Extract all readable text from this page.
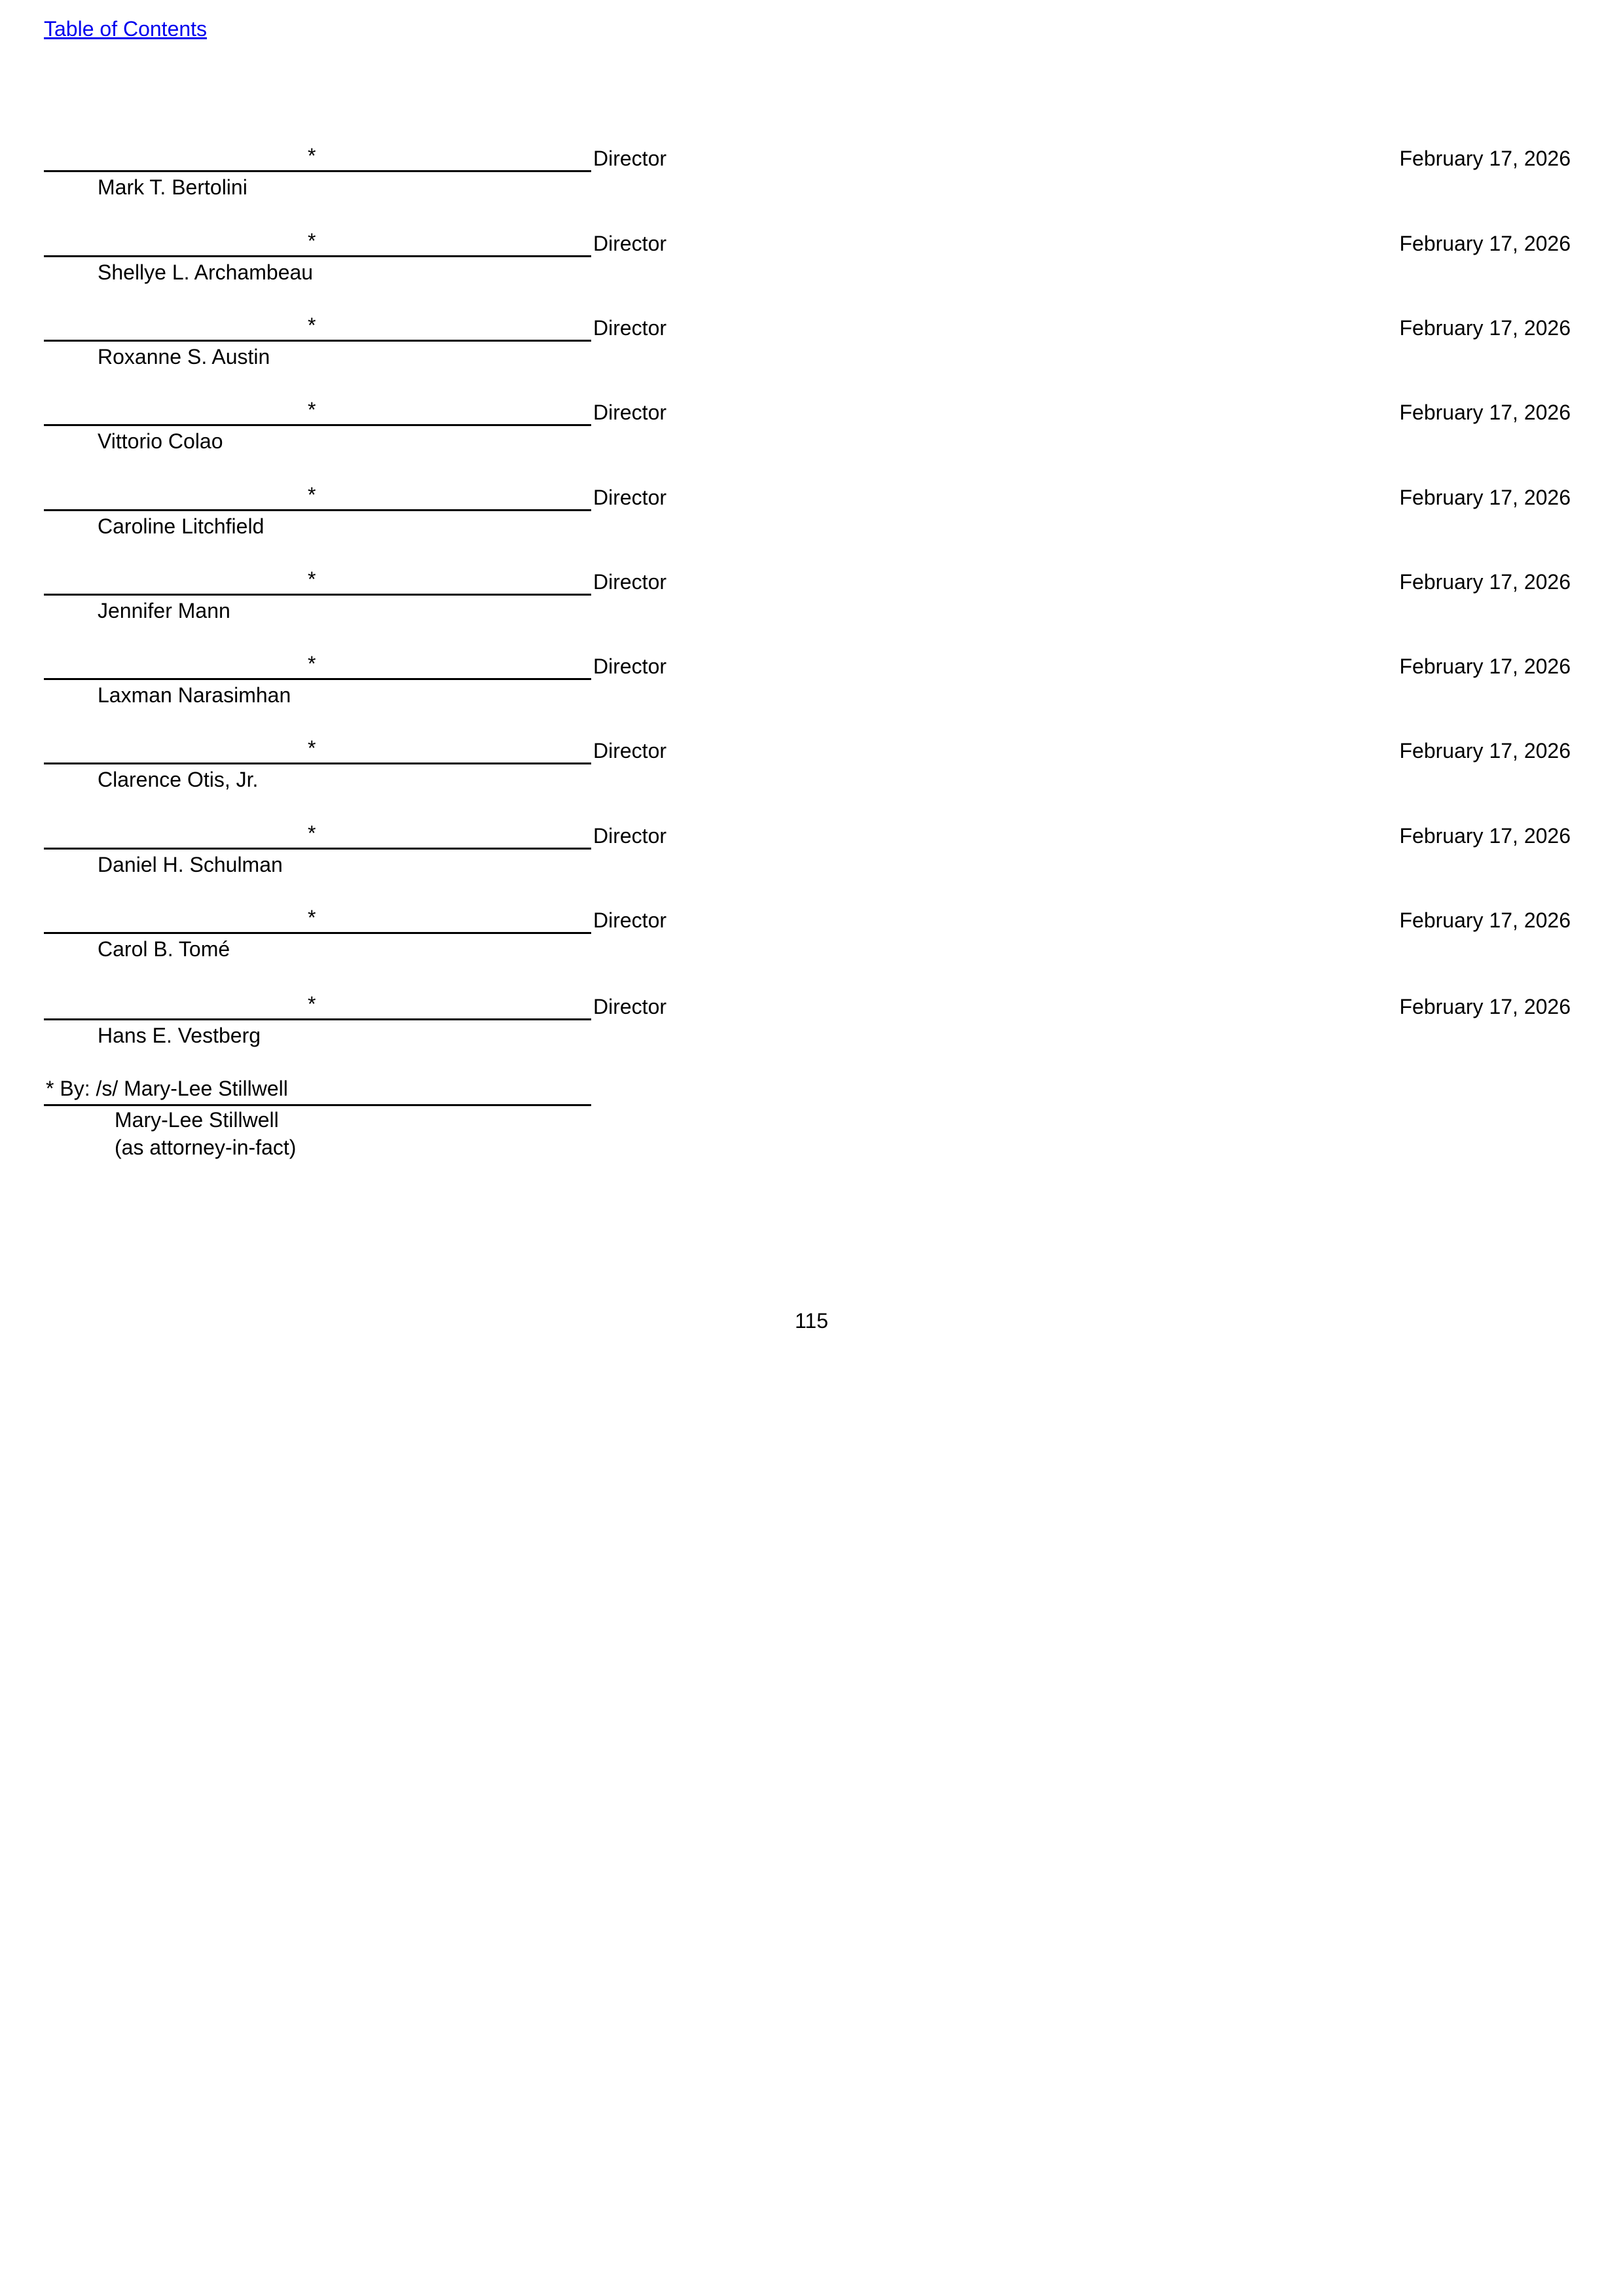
Table of Contents
*	Director	February 17, 2026
Mark T. Bertolini
*	Director	February 17, 2026
Shellye L. Archambeau
*	Director	February 17, 2026
Roxanne S. Austin
*	Director	February 17, 2026
Vittorio Colao
*	Director	February 17, 2026
Caroline Litchfield
*	Director	February 17, 2026
Jennifer Mann
*	Director	February 17, 2026
Laxman Narasimhan
*	Director	February 17, 2026
Clarence Otis, Jr.
*	Director	February 17, 2026
Daniel H. Schulman
*	Director	February 17, 2026
Carol B. Tomé
*	Director	February 17, 2026
Hans E. Vestberg
* By: /s/ Mary-Lee Stillwell
Mary-Lee Stillwell
(as attorney-in-fact)
115
